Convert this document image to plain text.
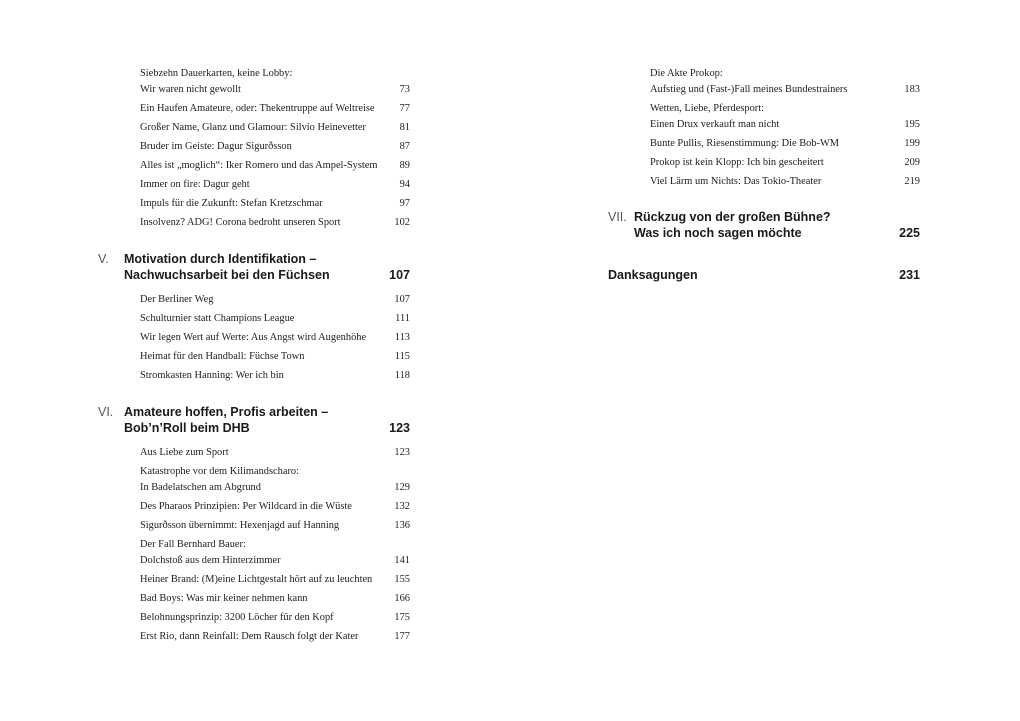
Siebzehn Dauerkarten, keine Lobby:
Wir waren nicht gewollt	73
Ein Haufen Amateure, oder: Thekentruppe auf Weltreise	77
Großer Name, Glanz und Glamour: Silvio Heinevetter	81
Bruder im Geiste: Dagur Sigurðsson	87
Alles ist „moglich“: Iker Romero und das Ampel-System	89
Immer on fire: Dagur geht	94
Impuls für die Zukunft: Stefan Kretzschmar	97
Insolvenz? ADG! Corona bedroht unseren Sport	102
V. Motivation durch Identifikation –
Nachwuchsarbeit bei den Füchsen	107
Der Berliner Weg	107
Schulturnier statt Champions League	111
Wir legen Wert auf Werte: Aus Angst wird Augenhöhe	113
Heimat für den Handball: Füchse Town	115
Stromkasten Hanning: Wer ich bin	118
VI. Amateure hoffen, Profis arbeiten –
Bob’n’Roll beim DHB	123
Aus Liebe zum Sport	123
Katastrophe vor dem Kilimandscharo:
In Badelatschen am Abgrund	129
Des Pharaos Prinzipien: Per Wildcard in die Wüste	132
Sigurðsson übernimmt: Hexenjagd auf Hanning	136
Der Fall Bernhard Bauer:
Dolchstoß aus dem Hinterzimmer	141
Heiner Brand: (M)eine Lichtgestalt hört auf zu leuchten	155
Bad Boys: Was mir keiner nehmen kann	166
Belohnungsprinzip: 3200 Löcher für den Kopf	175
Erst Rio, dann Reinfall: Dem Rausch folgt der Kater	177
Die Akte Prokop:
Aufstieg und (Fast-)Fall meines Bundestrainers	183
Wetten, Liebe, Pferdesport:
Einen Drux verkauft man nicht	195
Bunte Pullis, Riesenstimmung: Die Bob-WM	199
Prokop ist kein Klopp: Ich bin gescheitert	209
Viel Lärm um Nichts: Das Tokio-Theater	219
VII. Rückzug von der großen Bühne?
Was ich noch sagen möchte	225
Danksagungen	231
